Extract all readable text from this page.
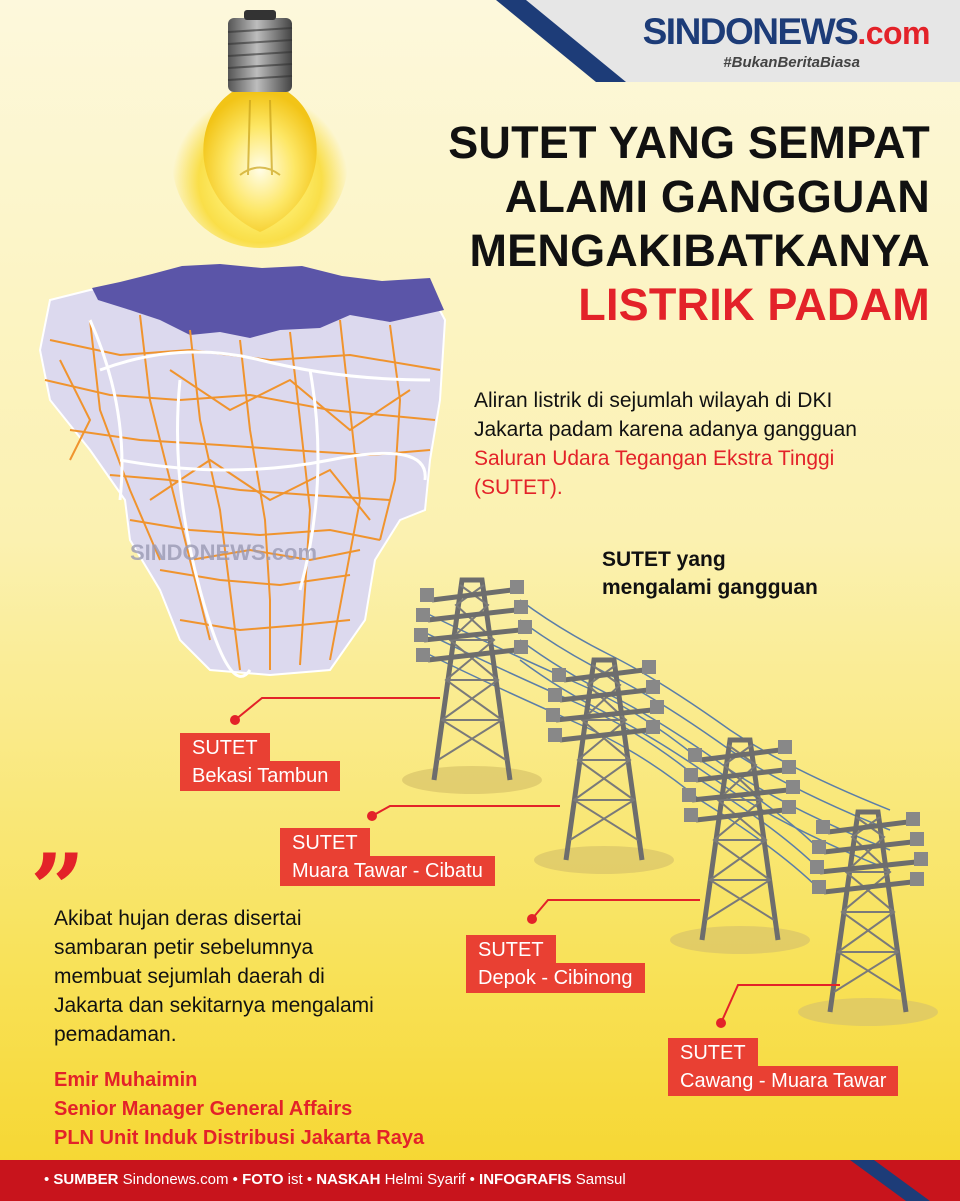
SINDONEWS.com
#BukanBeritaBiasa
SINDONEWS.com
SUTET YANG SEMPAT
ALAMI GANGGUAN
MENGAKIBATKANYA
LISTRIK PADAM
Aliran listrik di sejumlah wilayah di DKI Jakarta padam karena adanya gangguan Saluran Udara Tegangan Ekstra Tinggi (SUTET).
SUTET yang
mengalami gangguan
SUTET
Bekasi Tambun
SUTET
Muara Tawar - Cibatu
SUTET
Depok - Cibinong
SUTET
Cawang - Muara Tawar
”
Akibat hujan deras disertai sambaran petir sebelumnya membuat sejumlah daerah di Jakarta dan sekitarnya mengalami pemadaman.
Emir Muhaimin
Senior Manager General Affairs
PLN Unit Induk Distribusi Jakarta Raya
• SUMBER Sindonews.com • FOTO ist • NASKAH Helmi Syarif • INFOGRAFIS Samsul
